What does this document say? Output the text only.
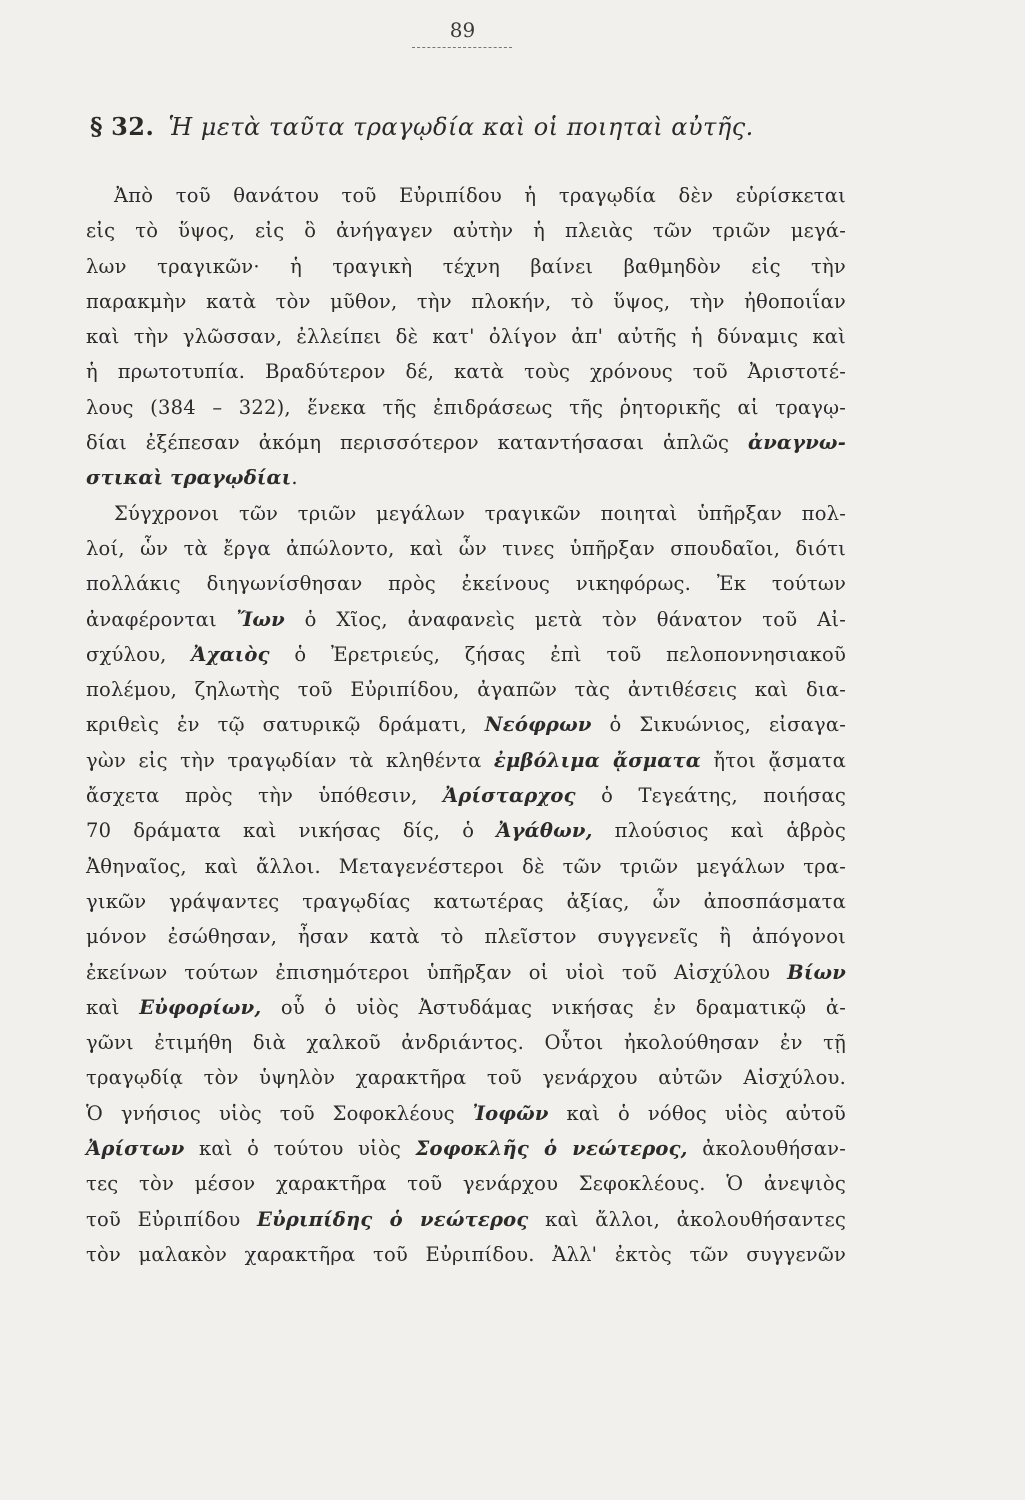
89
§ 32. Ἡ μετὰ ταῦτα τραγῳδία καὶ οἱ ποιηταὶ αὐτῆς.
Ἀπὸ τοῦ θανάτου τοῦ Εὐριπίδου ἡ τραγῳδία δὲν εὑρίσκεται
εἰς τὸ ὕψος, εἰς ὃ ἀνήγαγεν αὐτὴν ἡ πλειὰς τῶν τριῶν μεγά-
λων τραγικῶν· ἡ τραγικὴ τέχνη βαίνει βαθμηδὸν εἰς τὴν
παρακμὴν κατὰ τὸν μῦθον, τὴν πλοκήν, τὸ ὕψος, τὴν ἠθοποιΐαν
καὶ τὴν γλῶσσαν, ἐλλείπει δὲ κατ' ὀλίγον ἀπ' αὐτῆς ἡ δύναμις καὶ
ἡ πρωτοτυπία. Βραδύτερον δέ, κατὰ τοὺς χρόνους τοῦ Ἀριστοτέ-
λους (384 – 322), ἕνεκα τῆς ἐπιδράσεως τῆς ῥητορικῆς αἱ τραγῳ-
δίαι ἐξέπεσαν ἀκόμη περισσότερον καταντήσασαι ἁπλῶς ἀναγνω-
στικαὶ τραγῳδίαι.
Σύγχρονοι τῶν τριῶν μεγάλων τραγικῶν ποιηταὶ ὑπῆρξαν πολ-
λοί, ὧν τὰ ἔργα ἀπώλοντο, καὶ ὧν τινες ὑπῆρξαν σπουδαῖοι, διότι
πολλάκις διηγωνίσθησαν πρὸς ἐκείνους νικηφόρως. Ἐκ τούτων
ἀναφέρονται Ἴων ὁ Χῖος, ἀναφανεὶς μετὰ τὸν θάνατον τοῦ Αἰ-
σχύλου, Ἀχαιὸς ὁ Ἐρετριεύς, ζήσας ἐπὶ τοῦ πελοποννησιακοῦ
πολέμου, ζηλωτὴς τοῦ Εὐριπίδου, ἀγαπῶν τὰς ἀντιθέσεις καὶ δια-
κριθεὶς ἐν τῷ σατυρικῷ δράματι, Νεόφρων ὁ Σικυώνιος, εἰσαγα-
γὼν εἰς τὴν τραγῳδίαν τὰ κληθέντα ἐμβόλιμα ᾄσματα ἤτοι ᾄσματα
ἄσχετα πρὸς τὴν ὑπόθεσιν, Ἀρίσταρχος ὁ Τεγεάτης, ποιήσας
70 δράματα καὶ νικήσας δίς, ὁ Ἀγάθων, πλούσιος καὶ ἁβρὸς
Ἀθηναῖος, καὶ ἄλλοι. Μεταγενέστεροι δὲ τῶν τριῶν μεγάλων τρα-
γικῶν γράψαντες τραγῳδίας κατωτέρας ἀξίας, ὧν ἀποσπάσματα
μόνον ἐσώθησαν, ἦσαν κατὰ τὸ πλεῖστον συγγενεῖς ἢ ἀπόγονοι
ἐκείνων τούτων ἐπισημότεροι ὑπῆρξαν οἱ υἱοὶ τοῦ Αἰσχύλου Βίων
καὶ Εὐφορίων, οὗ ὁ υἱὸς Ἀστυδάμας νικήσας ἐν δραματικῷ ἀ-
γῶνι ἐτιμήθη διὰ χαλκοῦ ἀνδριάντος. Οὗτοι ἠκολούθησαν ἐν τῇ
τραγῳδίᾳ τὸν ὑψηλὸν χαρακτῆρα τοῦ γενάρχου αὐτῶν Αἰσχύλου.
Ὁ γνήσιος υἱὸς τοῦ Σοφοκλέους Ἰοφῶν καὶ ὁ νόθος υἱὸς αὐτοῦ
Ἀρίστων καὶ ὁ τούτου υἱὸς Σοφοκλῆς ὁ νεώτερος, ἀκολουθήσαν-
τες τὸν μέσον χαρακτῆρα τοῦ γενάρχου Σεφοκλέους. Ὁ ἀνεψιὸς
τοῦ Εὐριπίδου Εὐριπίδης ὁ νεώτερος καὶ ἄλλοι, ἀκολουθήσαντες
τὸν μαλακὸν χαρακτῆρα τοῦ Εὐριπίδου. Ἀλλ' ἐκτὸς τῶν συγγενῶν
